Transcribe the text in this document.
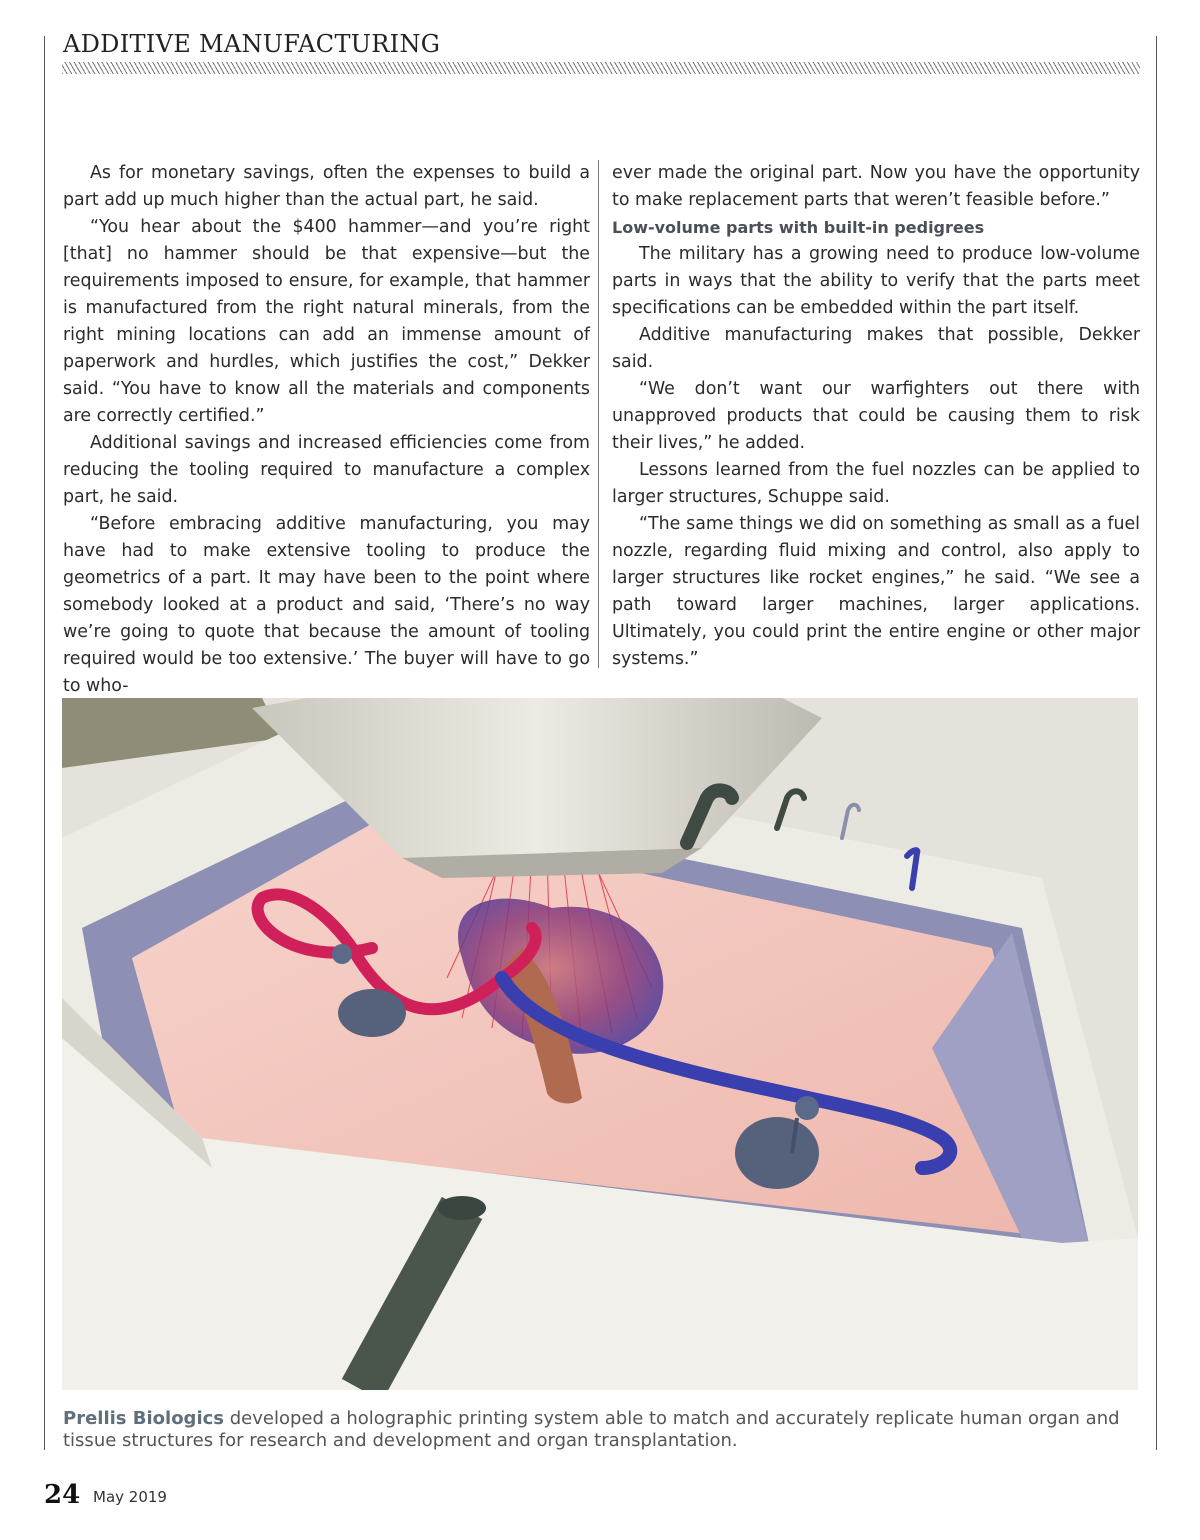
ADDITIVE MANUFACTURING

As for monetary savings, often the expenses to build a part add up much higher than the actual part, he said.

“You hear about the $400 hammer—and you’re right [that] no hammer should be that expensive—but the requirements imposed to ensure, for example, that hammer is manufactured from the right natural minerals, from the right mining locations can add an immense amount of paperwork and hurdles, which justifies the cost,” Dekker said. “You have to know all the materials and components are correctly certified.”

Additional savings and increased efficiencies come from reducing the tooling required to manufacture a complex part, he said.

“Before embracing additive manufacturing, you may have had to make extensive tooling to produce the geometrics of a part. It may have been to the point where somebody looked at a product and said, ‘There’s no way we’re going to quote that because the amount of tooling required would be too extensive.’ The buyer will have to go to who-

ever made the original part. Now you have the opportunity to make replacement parts that weren’t feasible before.”

Low-volume parts with built-in pedigrees

The military has a growing need to produce low-volume parts in ways that the ability to verify that the parts meet specifications can be embedded within the part itself.

Additive manufacturing makes that possible, Dekker said.

“We don’t want our warfighters out there with unapproved products that could be causing them to risk their lives,” he added.

Lessons learned from the fuel nozzles can be applied to larger structures, Schuppe said.

“The same things we did on something as small as a fuel nozzle, regarding fluid mixing and control, also apply to larger structures like rocket engines,” he said. “We see a path toward larger machines, larger applications. Ultimately, you could print the entire engine or other major systems.”

Prellis Biologics developed a holographic printing system able to match and accurately replicate human organ and tissue structures for research and development and organ transplantation.

24 May 2019
